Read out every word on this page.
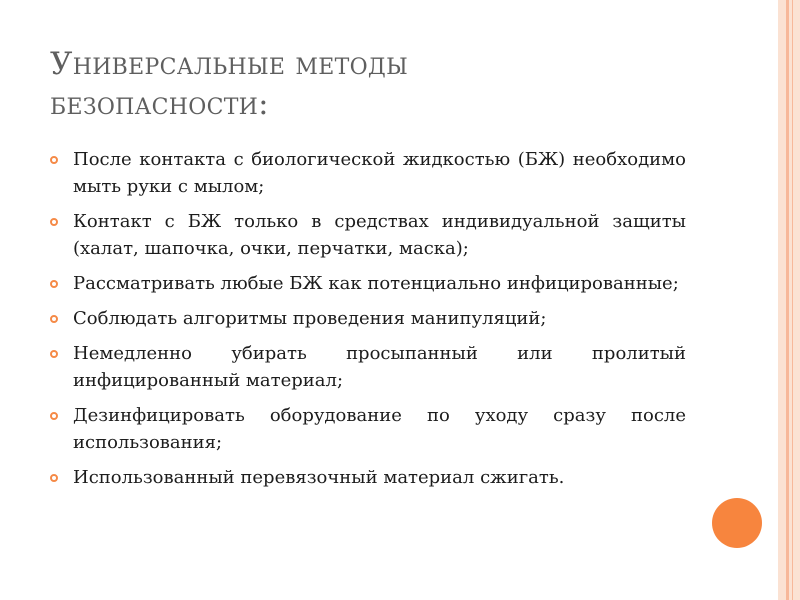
Универсальные методы безопасности:
После контакта с биологической жидкостью (БЖ) необходимо мыть руки с мылом;
Контакт с БЖ только в средствах индивидуальной защиты (халат, шапочка, очки, перчатки, маска);
Рассматривать любые БЖ как потенциально инфицированные;
Соблюдать алгоритмы проведения манипуляций;
Немедленно убирать просыпанный или пролитый инфицированный материал;
Дезинфицировать оборудование по уходу сразу после использования;
Использованный перевязочный материал сжигать.
